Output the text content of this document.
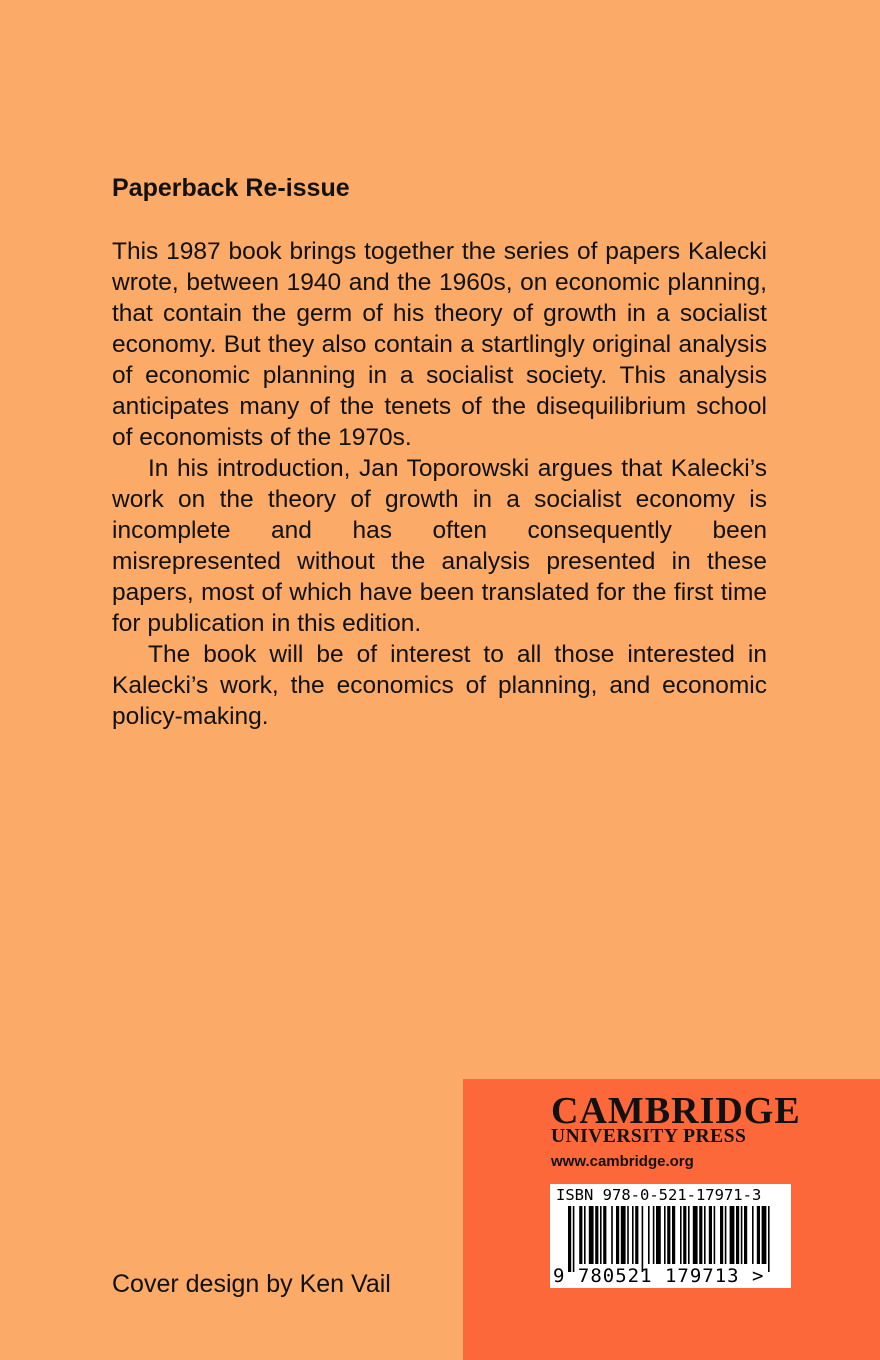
Paperback Re-issue

This 1987 book brings together the series of papers Kalecki wrote, between 1940 and the 1960s, on economic planning, that contain the germ of his theory of growth in a socialist economy. But they also contain a startlingly original analysis of economic planning in a socialist society. This analysis anticipates many of the tenets of the disequilibrium school of economists of the 1970s.

In his introduction, Jan Toporowski argues that Kalecki’s work on the theory of growth in a socialist economy is incomplete and has often consequently been misrepresented without the analysis presented in these papers, most of which have been translated for the first time for publication in this edition.

The book will be of interest to all those interested in Kalecki’s work, the economics of planning, and economic policy-making.

Cover design by Ken Vail

CAMBRIDGE
UNIVERSITY PRESS
www.cambridge.org
ISBN 978-0-521-17971-3
9 780521 179713 >
